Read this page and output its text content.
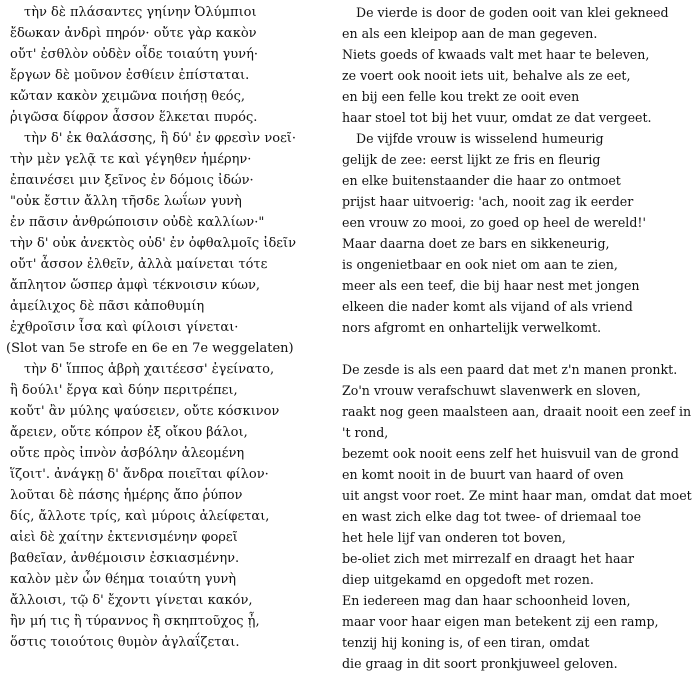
τὴν δὲ πλάσαντες γηίνην Ὀλύμπιοι
ἔδωκαν ἀνδρὶ πηρόν· οὔτε γὰρ κακὸν
οὔτ' ἐσθλὸν οὐδὲν οἶδε τοιαύτη γυνή·
ἔργων δὲ μοῦνον ἐσθίειν ἐπίσταται.
κὤταν κακὸν χειμῶνα ποιήσῃ θεός,
ῥιγῶσα δίφρον ἆσσον ἕλκεται πυρός.
τὴν δ' ἐκ θαλάσσης, ἣ δύ' ἐν φρεσὶν νοεῖ·
τὴν μὲν γελᾷ τε καὶ γέγηθεν ἡμέρην·
ἐπαινέσει μιν ξεῖνος ἐν δόμοις ἰδών·
"οὐκ ἔστιν ἄλλη τῆσδε λωΐων γυνὴ
ἐν πᾶσιν ἀνθρώποισιν οὐδὲ καλλίων·"
τὴν δ' οὐκ ἀνεκτὸς οὐδ' ἐν ὀφθαλμοῖς ἰδεῖν
οὔτ' ἆσσον ἐλθεῖν, ἀλλὰ μαίνεται τότε
ἄπλητον ὥσπερ ἀμφὶ τέκνοισιν κύων,
ἀμείλιχος δὲ πᾶσι κἀποθυμίη
ἐχθροῖσιν ἶσα καὶ φίλοισι γίνεται·
(Slot van 5e strofe en 6e en 7e weggelaten)
τὴν δ' ἵππος ἁβρὴ χαιτέεσσ' ἐγείνατο,
ἣ δούλι' ἔργα καὶ δύην περιτρέπει,
κοὔτ' ἂν μύλης ψαύσειεν, οὔτε κόσκινον
ἄρειεν, οὔτε κόπρον ἐξ οἴκου βάλοι,
οὔτε πρὸς ἰπνὸν ἀσβόλην ἀλεομένη
ἵζοιτ'. ἀνάγκῃ δ' ἄνδρα ποιεῖται φίλον·
λοῦται δὲ πάσης ἡμέρης ἄπο ῥύπον
δίς, ἄλλοτε τρίς, καὶ μύροις ἀλείφεται,
αἰεὶ δὲ χαίτην ἐκτενισμένην φορεῖ
βαθεῖαν, ἀνθέμοισιν ἐσκιασμένην.
καλὸν μὲν ὦν θέημα τοιαύτη γυνὴ
ἄλλοισι, τῷ δ' ἔχοντι γίνεται κακόν,
ἢν μή τις ἢ τύραννος ἢ σκηπτοῦχος ᾖ,
ὅστις τοιούτοις θυμὸν ἀγλαΐζεται.
De vierde is door de goden ooit van klei gekneed
en als een kleipop aan de man gegeven.
Niets goeds of kwaads valt met haar te beleven,
ze voert ook nooit iets uit, behalve als ze eet,
en bij een felle kou trekt ze ooit even
haar stoel tot bij het vuur, omdat ze dat vergeet.
De vijfde vrouw is wisselend humeurig
gelijk de zee: eerst lijkt ze fris en fleurig
en elke buitenstaander die haar zo ontmoet
prijst haar uitvoerig: 'ach, nooit zag ik eerder
een vrouw zo mooi, zo goed op heel de wereld!'
Maar daarna doet ze bars en sikkeneurig,
is ongenietbaar en ook niet om aan te zien,
meer als een teef, die bij haar nest met jongen
elkeen die nader komt als vijand of als vriend
nors afgromt en onhartelijk verwelkomt.
De zesde is als een paard dat met z'n manen pronkt.
Zo'n vrouw verafschuwt slavenwerk en sloven,
raakt nog geen maalsteen aan, draait nooit een zeef in
't rond,
bezemt ook nooit eens zelf het huisvuil van de grond
en komt nooit in de buurt van haard of oven
uit angst voor roet. Ze mint haar man, omdat dat moet
en wast zich elke dag tot twee- of driemaal toe
het hele lijf van onderen tot boven,
be-oliet zich met mirrezalf en draagt het haar
diep uitgekamd en opgedoft met rozen.
En iedereen mag dan haar schoonheid loven,
maar voor haar eigen man betekent zij een ramp,
tenzij hij koning is, of een tiran, omdat
die graag in dit soort pronkjuweel geloven.
